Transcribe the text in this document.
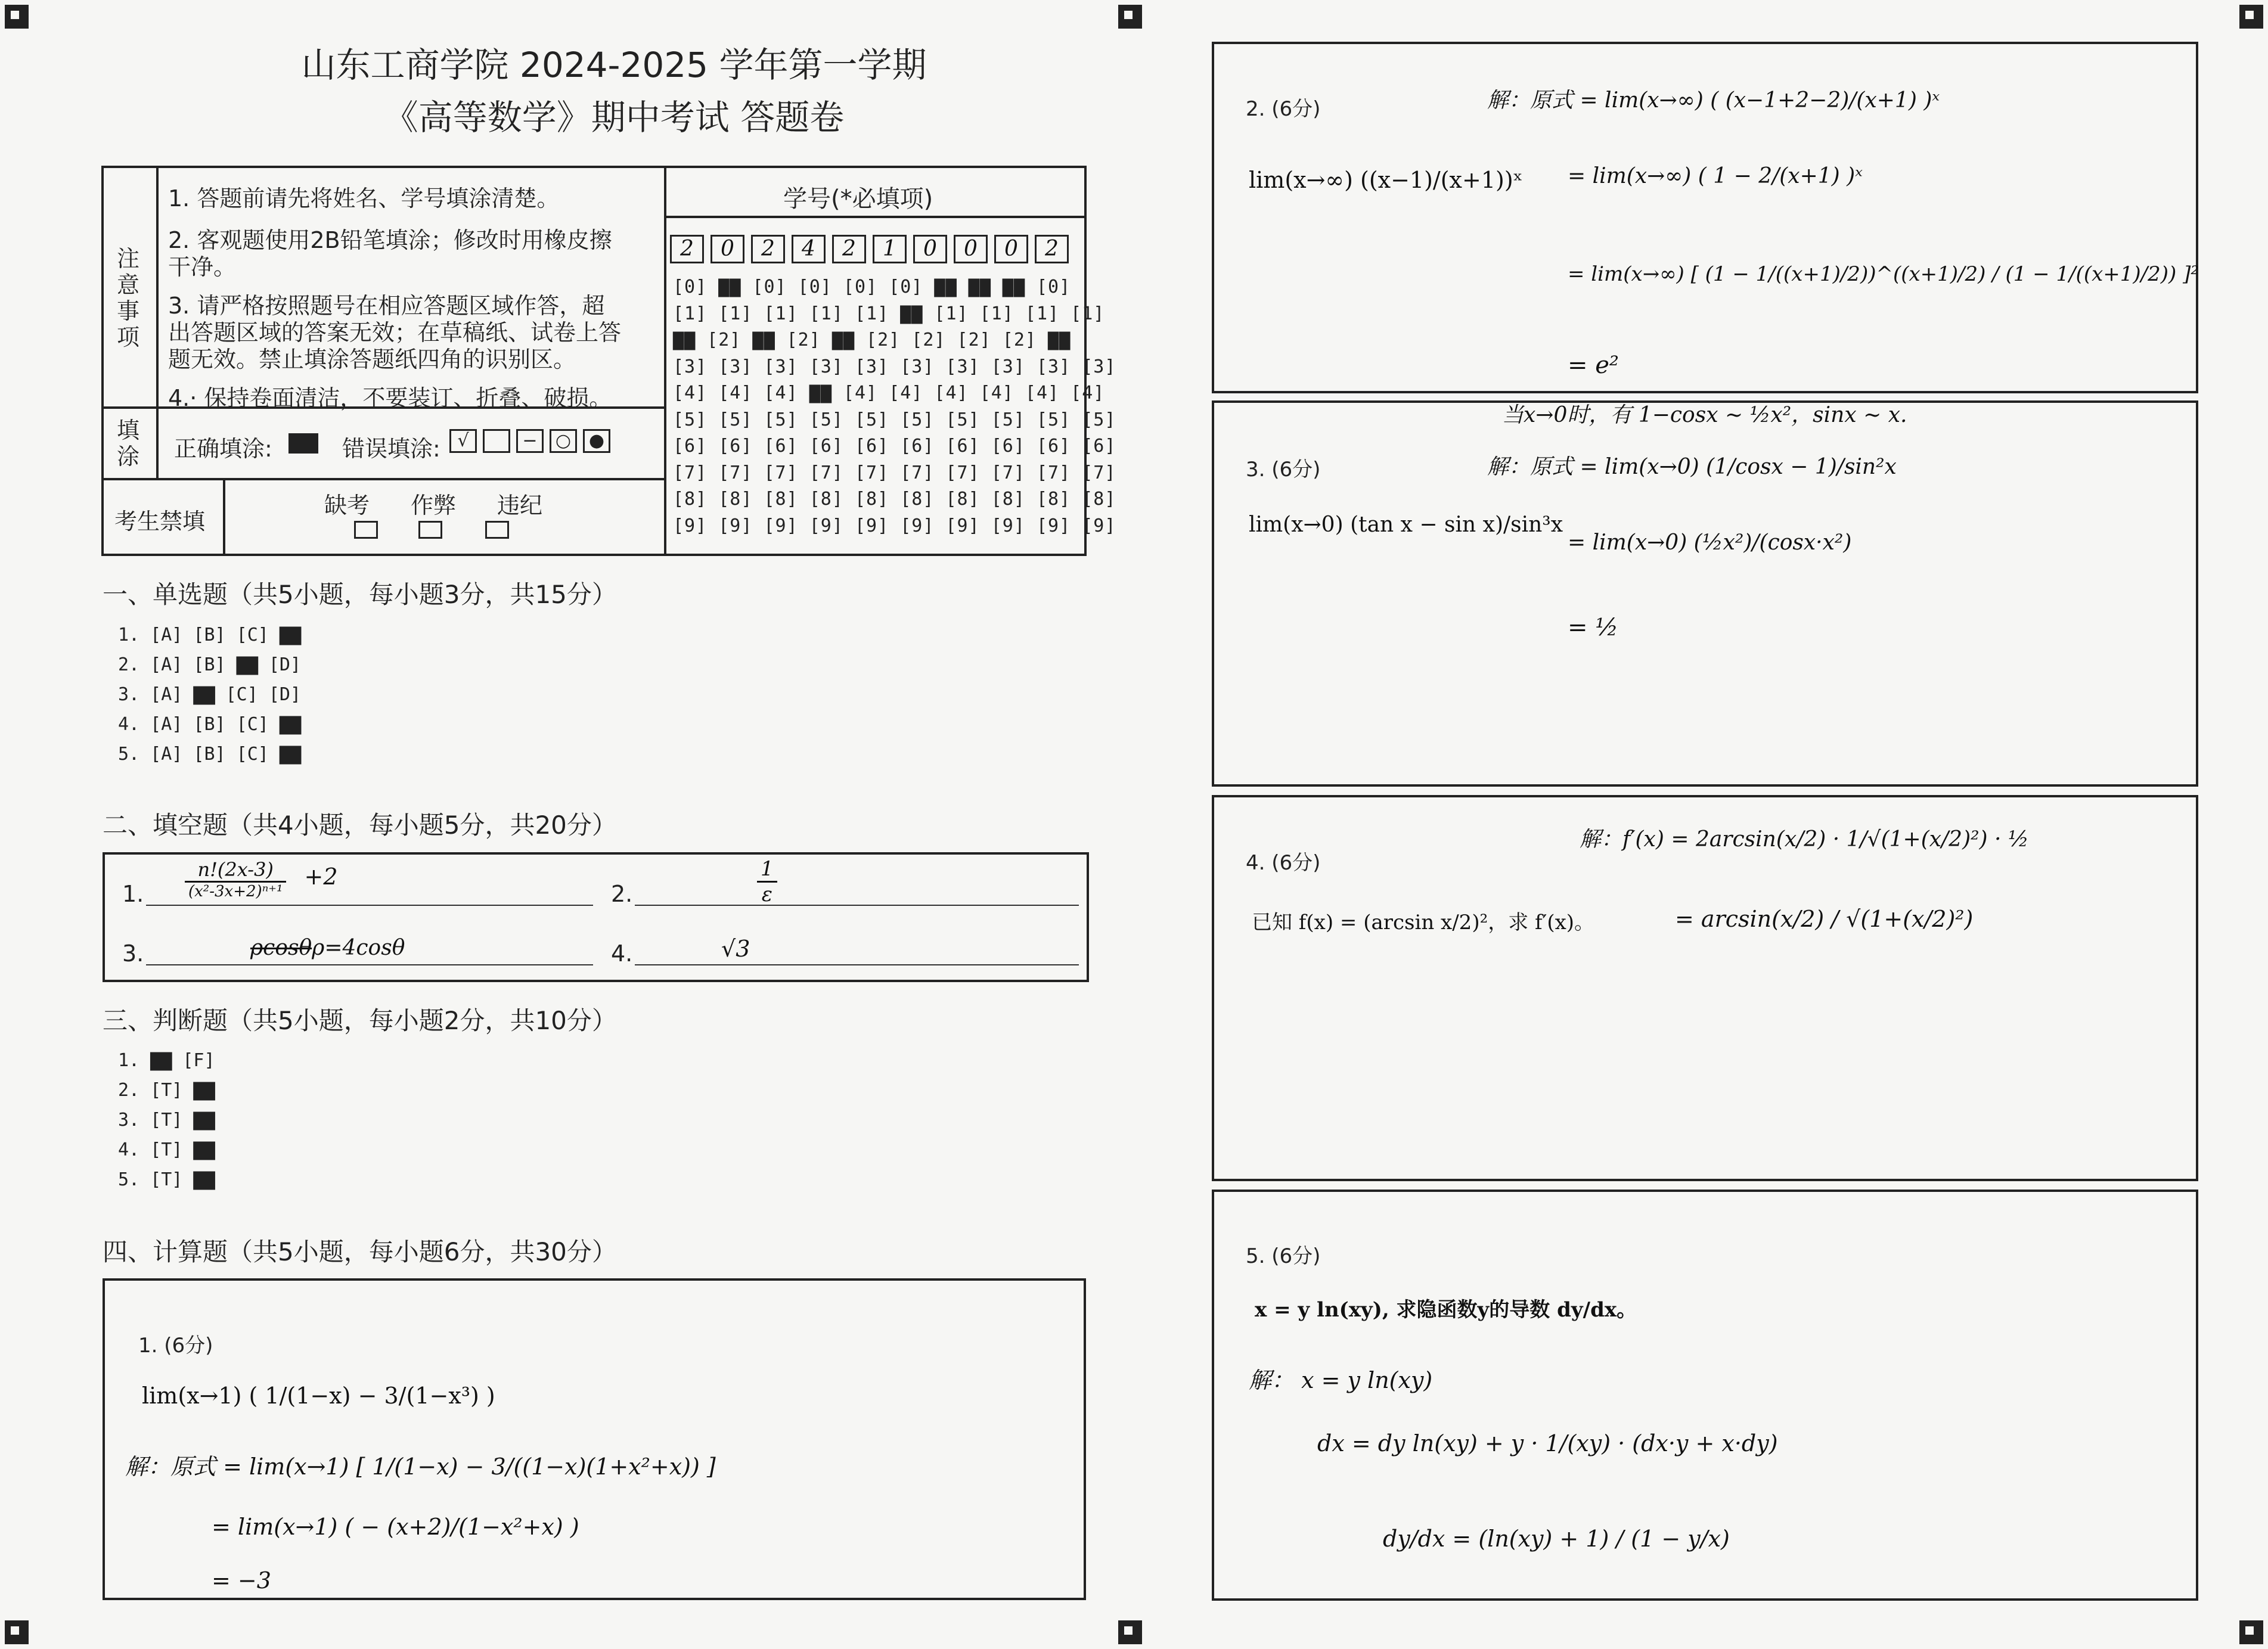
山东工商学院 2024-2025 学年第一学期
《高等数学》期中考试 答题卷
注意事项
1. 答题前请先将姓名、学号填涂清楚。
2. 客观题使用2B铅笔填涂；修改时用橡皮擦
干净。
3. 请严格按照题号在相应答题区域作答，超
出答题区域的答案无效；在草稿纸、试卷上答
题无效。禁止填涂答题纸四角的识别区。
4.· 保持卷面清洁，不要装订、折叠、破损。
填涂 正确填涂:	错误填涂: √	− ○ ●
考生禁填
缺考 作弊 违纪
学号(*必填项)
2	0	2	4	2	1	0	0	0	2
[0] ▇▇ [0] [0] [0] [0] ▇▇ ▇▇ ▇▇ [0]
[1] [1] [1] [1] [1] ▇▇ [1] [1] [1] [1]
▇▇ [2] ▇▇ [2] ▇▇ [2] [2] [2] [2] ▇▇
[3] [3] [3] [3] [3] [3] [3] [3] [3] [3]
[4] [4] [4] ▇▇ [4] [4] [4] [4] [4] [4]
[5] [5] [5] [5] [5] [5] [5] [5] [5] [5]
[6] [6] [6] [6] [6] [6] [6] [6] [6] [6]
[7] [7] [7] [7] [7] [7] [7] [7] [7] [7]
[8] [8] [8] [8] [8] [8] [8] [8] [8] [8]
[9] [9] [9] [9] [9] [9] [9] [9] [9] [9]
一、单选题（共5小题，每小题3分，共15分）
1. [A] [B] [C] ▇▇
2. [A] [B] ▇▇ [D]
3. [A] ▇▇ [C] [D]
4. [A] [B] [C] ▇▇
5. [A] [B] [C] ▇▇
二、填空题（共4小题，每小题5分，共20分）
1. $\frac{n!(2x-3)}{\text{(x²-3x+2)ⁿ⁺¹}} +2$
2.	$\frac{1}{\varepsilon}$
3.	ρcosθρ=4cosθ	4.	√3
三、判断题（共5小题，每小题2分，共10分）
1. ▇▇ [F]
2. [T] ▇▇
3. [T] ▇▇
4. [T] ▇▇
5. [T] ▇▇
四、计算题（共5小题，每小题6分，共30分）
1. (6分)
lim(x→1) ( 1/(1−x) − 3/(1−x³) )
解：原式 = lim(x→1) [ 1/(1−x) − 3/((1−x)(1+x²+x)) ]
= lim(x→1) ( − (x+2)/(1−x²+x) )
= −3
2. (6分)
lim(x→∞) ((x−1)/(x+1))ˣ
解：原式 = lim(x→∞) ( (x−1+2−2)/(x+1) )ˣ
= lim(x→∞) ( 1 − 2/(x+1) )ˣ
= lim(x→∞) [ (1 − 1/((x+1)/2))^((x+1)/2) / (1 − 1/((x+1)/2)) ]²
= e²
当x→0时，有 1−cosx ~ ½x²，sinx ~ x.
3. (6分)
lim(x→0) (tan x − sin x)/sin³x
解：原式 = lim(x→0) (1/cosx − 1)/sin²x
= lim(x→0) (½x²)/(cosx·x²)
= ½
4. (6分)
已知 f(x) = (arcsin x/2)²，求 f′(x)。
解：f′(x) = 2arcsin(x/2) · 1/√(1+(x/2)²) · ½
= arcsin(x/2) / √(1+(x/2)²)
5. (6分)
x = y ln(xy), 求隐函数y的导数 dy/dx。
解： x = y ln(xy)
dx = dy ln(xy) + y · 1/(xy) · (dx·y + x·dy)
dy/dx = (ln(xy) + 1) / (1 − y/x)
